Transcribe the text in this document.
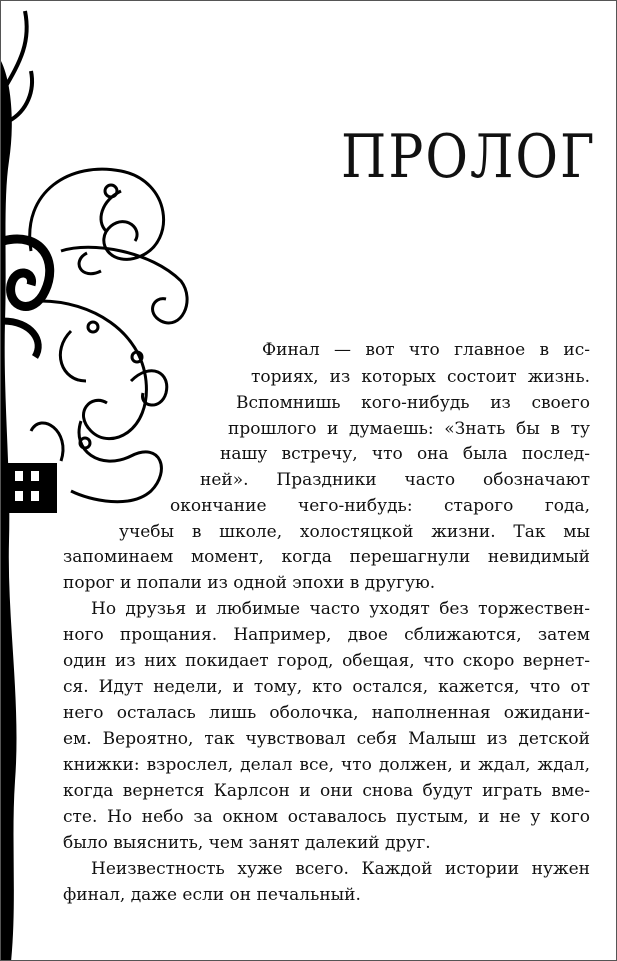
ПРОЛОГ
Финал — вот что главное в ис-
ториях, из которых состоит жизнь.
Вспомнишь кого-нибудь из своего
прошлого и думаешь: «Знать бы в ту
нашу встречу, что она была послед-
ней». Праздники часто обозначают
окончание чего-нибудь: старого года,
учебы в школе, холостяцкой жизни. Так мы
запоминаем момент, когда перешагнули невидимый
порог и попали из одной эпохи в другую.
Но друзья и любимые часто уходят без торжествен-
ного прощания. Например, двое сближаются, затем
один из них покидает город, обещая, что скоро вернет-
ся. Идут недели, и тому, кто остался, кажется, что от
него осталась лишь оболочка, наполненная ожидани-
ем. Вероятно, так чувствовал себя Малыш из детской
книжки: взрослел, делал все, что должен, и ждал, ждал,
когда вернется Карлсон и они снова будут играть вме-
сте. Но небо за окном оставалось пустым, и не у кого
было выяснить, чем занят далекий друг.
Неизвестность хуже всего. Каждой истории нужен
финал, даже если он печальный.
